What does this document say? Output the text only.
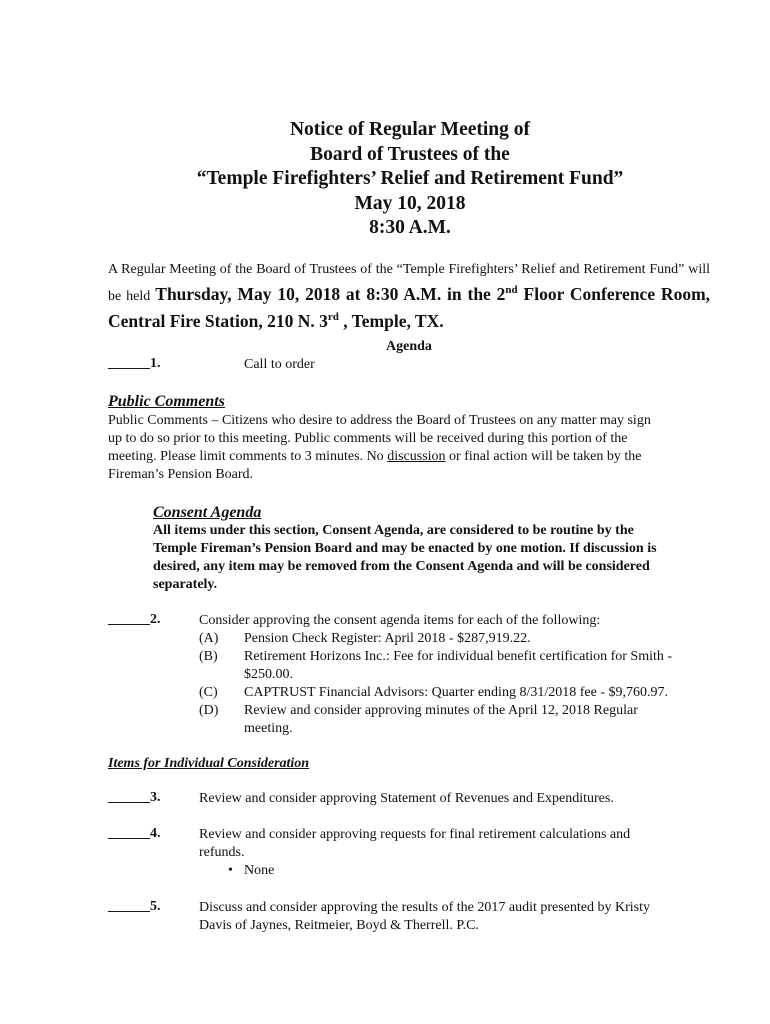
Notice of Regular Meeting of
Board of Trustees of the
“Temple Firefighters’ Relief and Retirement Fund”
May 10, 2018
8:30 A.M.
A Regular Meeting of the Board of Trustees of the “Temple Firefighters’ Relief and Retirement Fund” will be held Thursday, May 10, 2018 at 8:30 A.M. in the 2nd Floor Conference Room, Central Fire Station, 210 N. 3rd , Temple, TX.
Agenda
______1.	Call to order
Public Comments
Public Comments – Citizens who desire to address the Board of Trustees on any matter may sign
up to do so prior to this meeting. Public comments will be received during this portion of the
meeting. Please limit comments to 3 minutes. No discussion or final action will be taken by the
Fireman’s Pension Board.
Consent Agenda
All items under this section, Consent Agenda, are considered to be routine by the
Temple Fireman’s Pension Board and may be enacted by one motion. If discussion is
desired, any item may be removed from the Consent Agenda and will be considered
separately.
______2.	Consider approving the consent agenda items for each of the following:
(A) Pension Check Register: April 2018 - $287,919.22.
(B) Retirement Horizons Inc.: Fee for individual benefit certification for Smith -
$250.00.
(C) CAPTRUST Financial Advisors: Quarter ending 8/31/2018 fee - $9,760.97.
(D) Review and consider approving minutes of the April 12, 2018 Regular
meeting.
Items for Individual Consideration
______3.	Review and consider approving Statement of Revenues and Expenditures.
______4.	Review and consider approving requests for final retirement calculations and
refunds.
• None
______5.	Discuss and consider approving the results of the 2017 audit presented by Kristy
Davis of Jaynes, Reitmeier, Boyd & Therrell. P.C.
